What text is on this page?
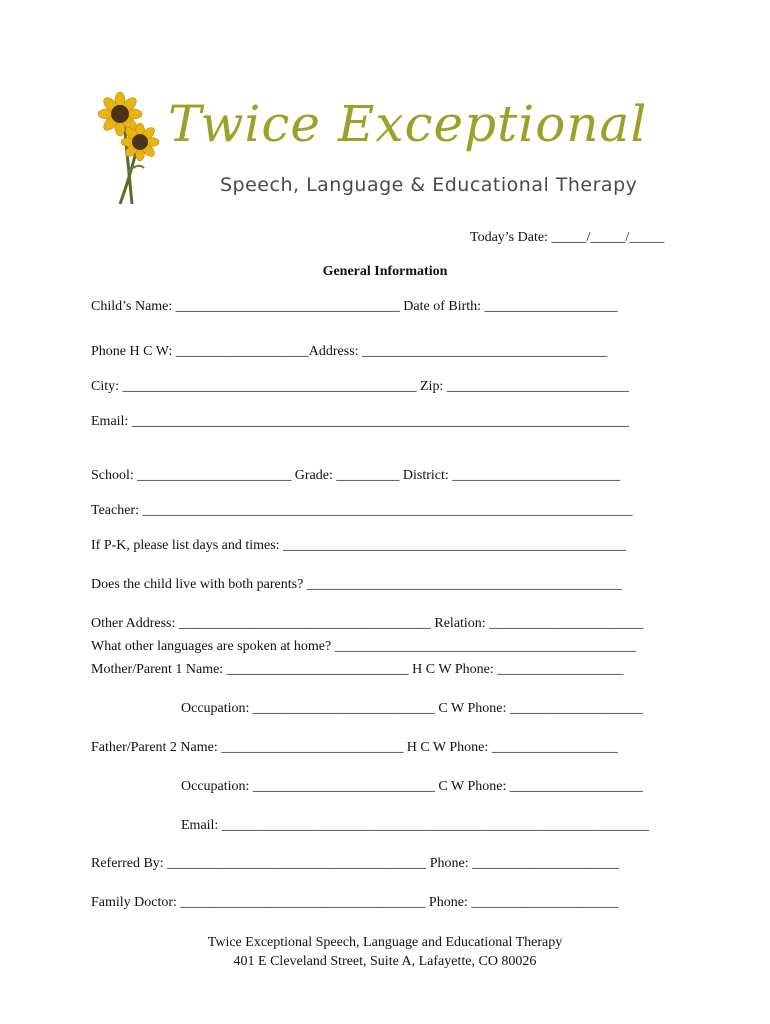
Twice Exceptional
Speech, Language & Educational Therapy
Today’s Date: _____/_____/_____
General Information
Child’s Name: ________________________________ Date of Birth: ___________________
Phone H C W: ___________________Address: ___________________________________
City: __________________________________________ Zip: __________________________
Email: _______________________________________________________________________
School: ______________________ Grade: _________ District: ________________________
Teacher: ______________________________________________________________________
If P-K, please list days and times: _________________________________________________
Does the child live with both parents? _____________________________________________
Other Address: ____________________________________ Relation: ______________________
What other languages are spoken at home? ___________________________________________
Mother/Parent 1 Name: __________________________ H C W Phone: __________________
Occupation: __________________________ C W Phone: ___________________
Father/Parent 2 Name: __________________________ H C W Phone: __________________
Occupation: __________________________ C W Phone: ___________________
Email: _____________________________________________________________
Referred By: _____________________________________ Phone: _____________________
Family Doctor: ___________________________________ Phone: _____________________
Twice Exceptional Speech, Language and Educational Therapy
401 E Cleveland Street, Suite A, Lafayette, CO 80026
